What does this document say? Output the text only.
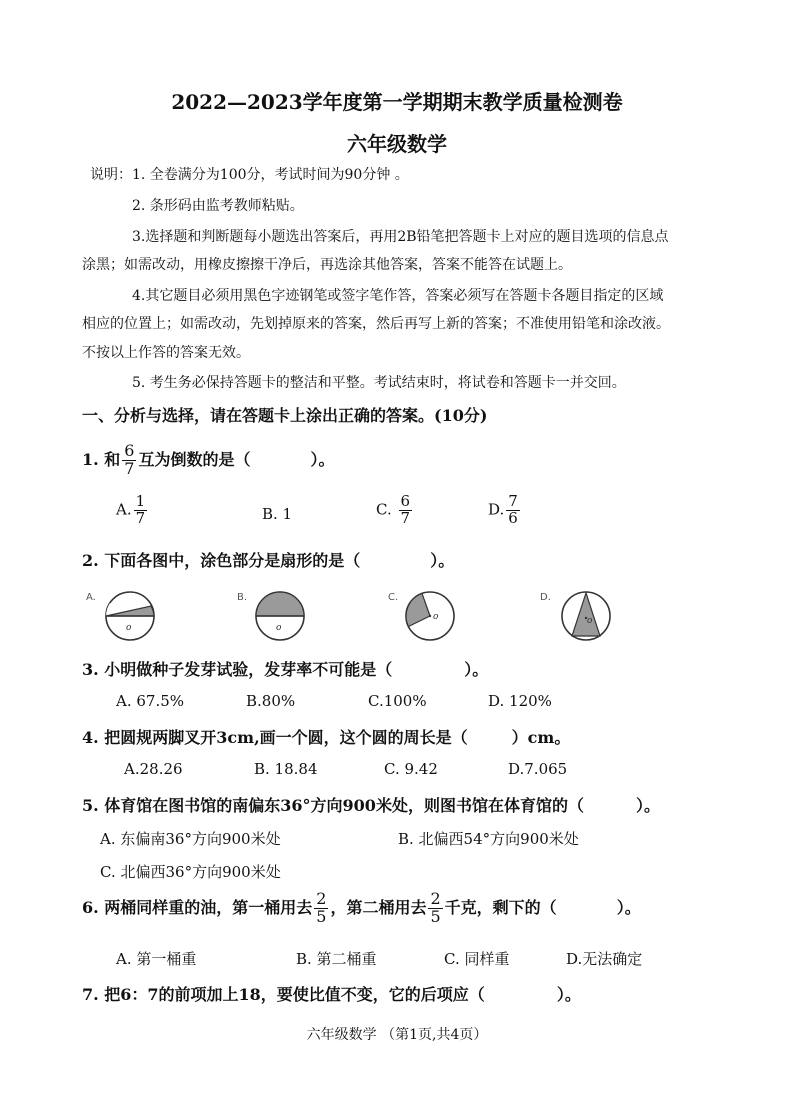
2022—2023学年度第一学期期末教学质量检测卷
六年级数学
说明： 1. 全卷满分为100分，考试时间为90分钟 。
2. 条形码由监考教师粘贴。
3.选择题和判断题每小题选出答案后，再用2B铅笔把答题卡上对应的题目选项的信息点
涂黑；如需改动，用橡皮擦擦干净后，再选涂其他答案，答案不能答在试题上。
4.其它题目必须用黑色字迹钢笔或签字笔作答，答案必须写在答题卡各题目指定的区域
相应的位置上；如需改动，先划掉原来的答案，然后再写上新的答案；不准使用铅笔和涂改液。
不按以上作答的答案无效。
5. 考生务必保持答题卡的整洁和平整。考试结束时，将试卷和答题卡一并交回。
一、分析与选择，请在答题卡上涂出正确的答案。(10分)
1. 和 $\frac{6}{7}$ 互为倒数的是（	）。
A. $\frac{1}{7}$	B. 1	C. $\frac{6}{7}$	D. $\frac{7}{6}$
2. 下面各图中，涂色部分是扇形的是（	）。
A.
o
B.
o
C.
o
D.
o
3. 小明做种子发芽试验，发芽率不可能是（	）。
A. 67.5%	B.80%	C.100%	D. 120%
4. 把圆规两脚叉开3cm,画一个圆，这个圆的周长是（	）cm。
A.28.26	B. 18.84	C. 9.42	D.7.065
5. 体育馆在图书馆的南偏东36°方向900米处，则图书馆在体育馆的（	）。
A. 东偏南36°方向900米处	B. 北偏西54°方向900米处
C. 北偏西36°方向900米处
6. 两桶同样重的油，第一桶用去 $\frac{2}{5}$ ，第二桶用去 $\frac{2}{5}$ 千克，剩下的（	）。
A. 第一桶重	B. 第二桶重	C. 同样重	D.无法确定
7. 把6：7的前项加上18，要使比值不变，它的后项应（	）。
六年级数学 （第1页,共4页）
